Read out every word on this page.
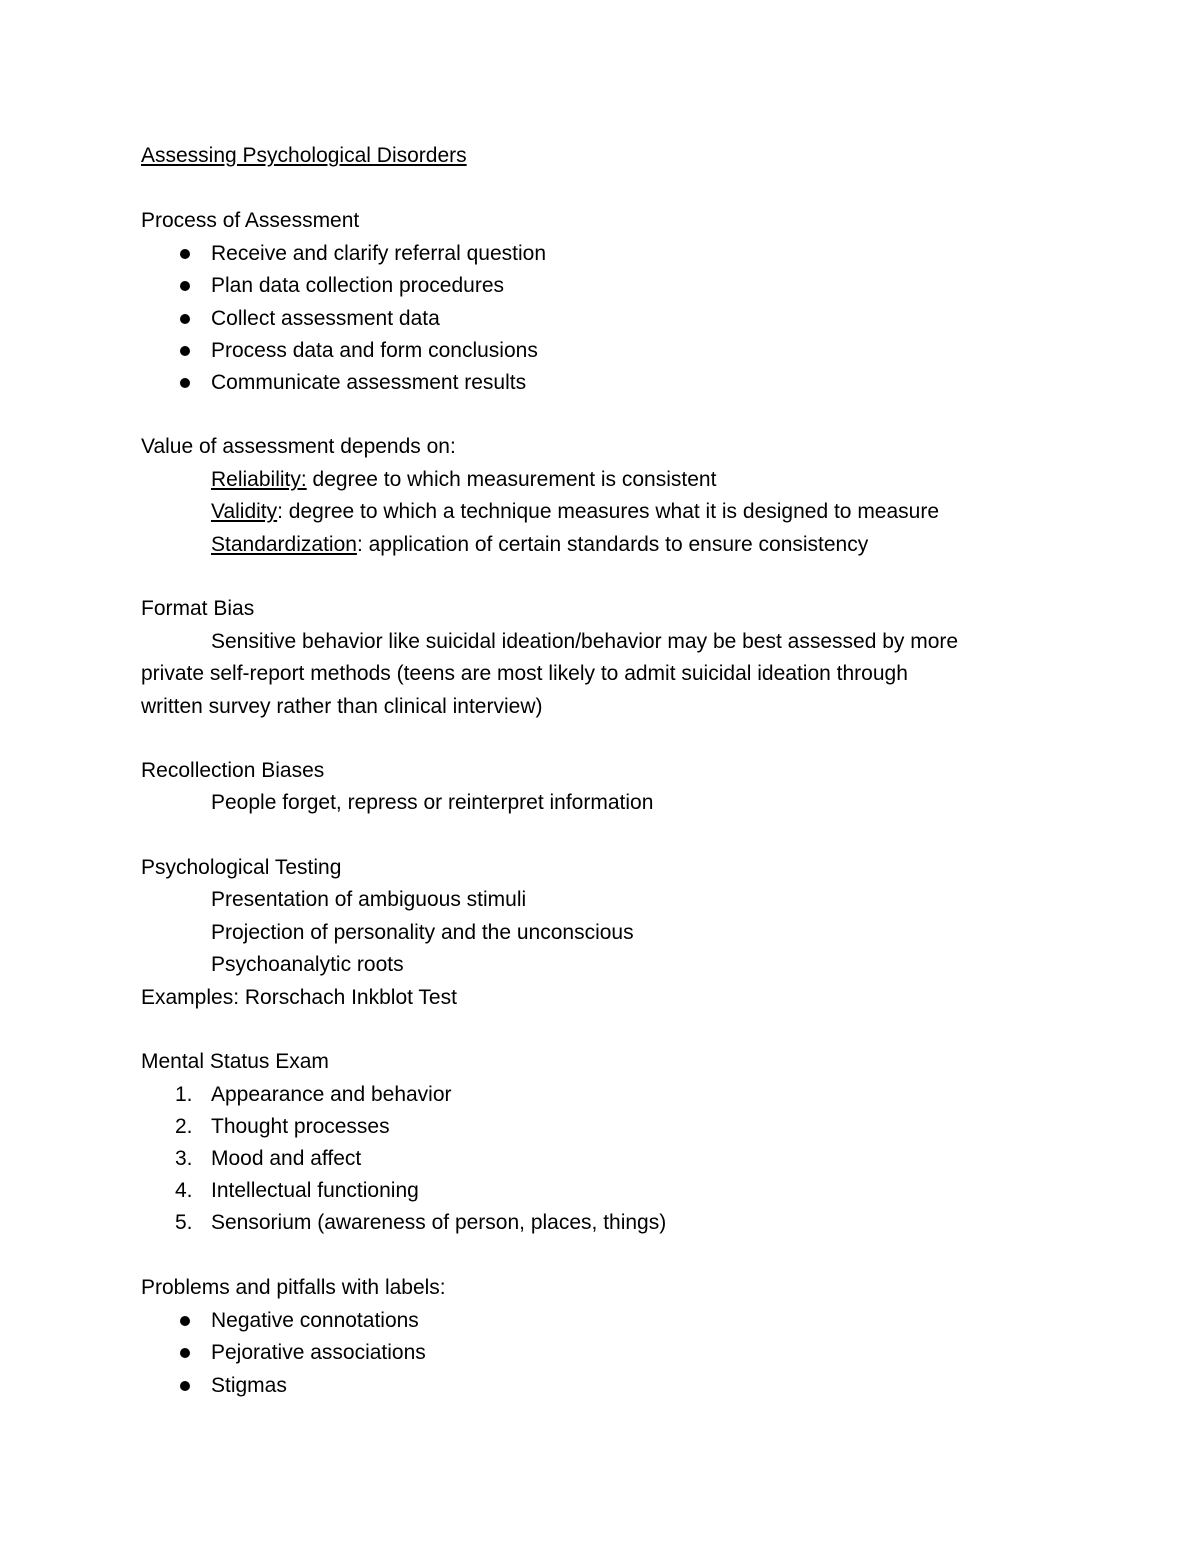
Assessing Psychological Disorders
Process of Assessment
Receive and clarify referral question
Plan data collection procedures
Collect assessment data
Process data and form conclusions
Communicate assessment results
Value of assessment depends on:
Reliability: degree to which measurement is consistent
Validity: degree to which a technique measures what it is designed to measure
Standardization: application of certain standards to ensure consistency
Format Bias
Sensitive behavior like suicidal ideation/behavior may be best assessed by more
private self-report methods (teens are most likely to admit suicidal ideation through
written survey rather than clinical interview)
Recollection Biases
People forget, repress or reinterpret information
Psychological Testing
Presentation of ambiguous stimuli
Projection of personality and the unconscious
Psychoanalytic roots
Examples: Rorschach Inkblot Test
Mental Status Exam
1. Appearance and behavior
2. Thought processes
3. Mood and affect
4. Intellectual functioning
5. Sensorium (awareness of person, places, things)
Problems and pitfalls with labels:
Negative connotations
Pejorative associations
Stigmas
